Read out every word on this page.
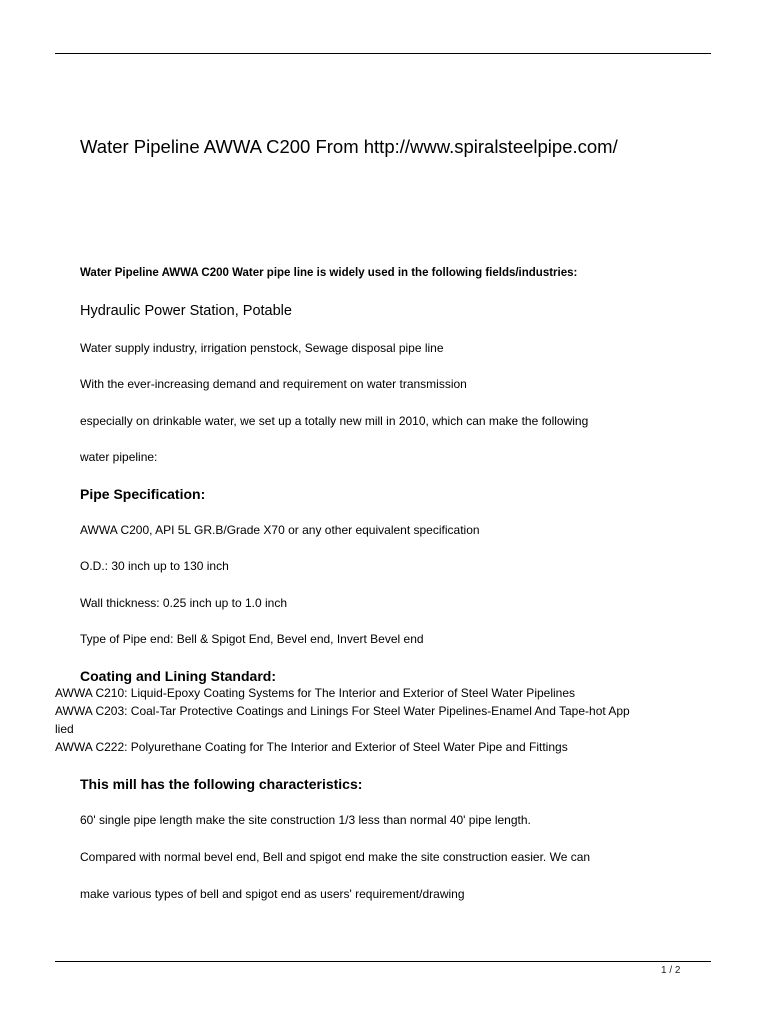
Water Pipeline AWWA C200 From http://www.spiralsteelpipe.com/
Water Pipeline AWWA C200 Water pipe line is widely used in the following fields/industries:
Hydraulic Power Station, Potable
Water supply industry, irrigation penstock, Sewage disposal pipe line
With the ever-increasing demand and requirement on water transmission
especially on drinkable water, we set up a totally new mill in 2010, which can make the following
water pipeline:
Pipe Specification:
AWWA C200, API 5L GR.B/Grade X70 or any other equivalent specification
O.D.: 30 inch up to 130 inch
Wall thickness: 0.25 inch up to 1.0 inch
Type of Pipe end: Bell & Spigot End, Bevel end, Invert Bevel end
Coating and Lining Standard:
AWWA C210: Liquid-Epoxy Coating Systems for The Interior and Exterior of Steel Water Pipelines
AWWA C203: Coal-Tar Protective Coatings and Linings For Steel Water Pipelines-Enamel And Tape-hot App
lied
AWWA C222: Polyurethane Coating for The Interior and Exterior of Steel Water Pipe and Fittings
This mill has the following characteristics:
60' single pipe length make the site construction 1/3 less than normal 40' pipe length.
Compared with normal bevel end, Bell and spigot end make the site construction easier. We can
make various types of bell and spigot end as users' requirement/drawing
1 / 2
